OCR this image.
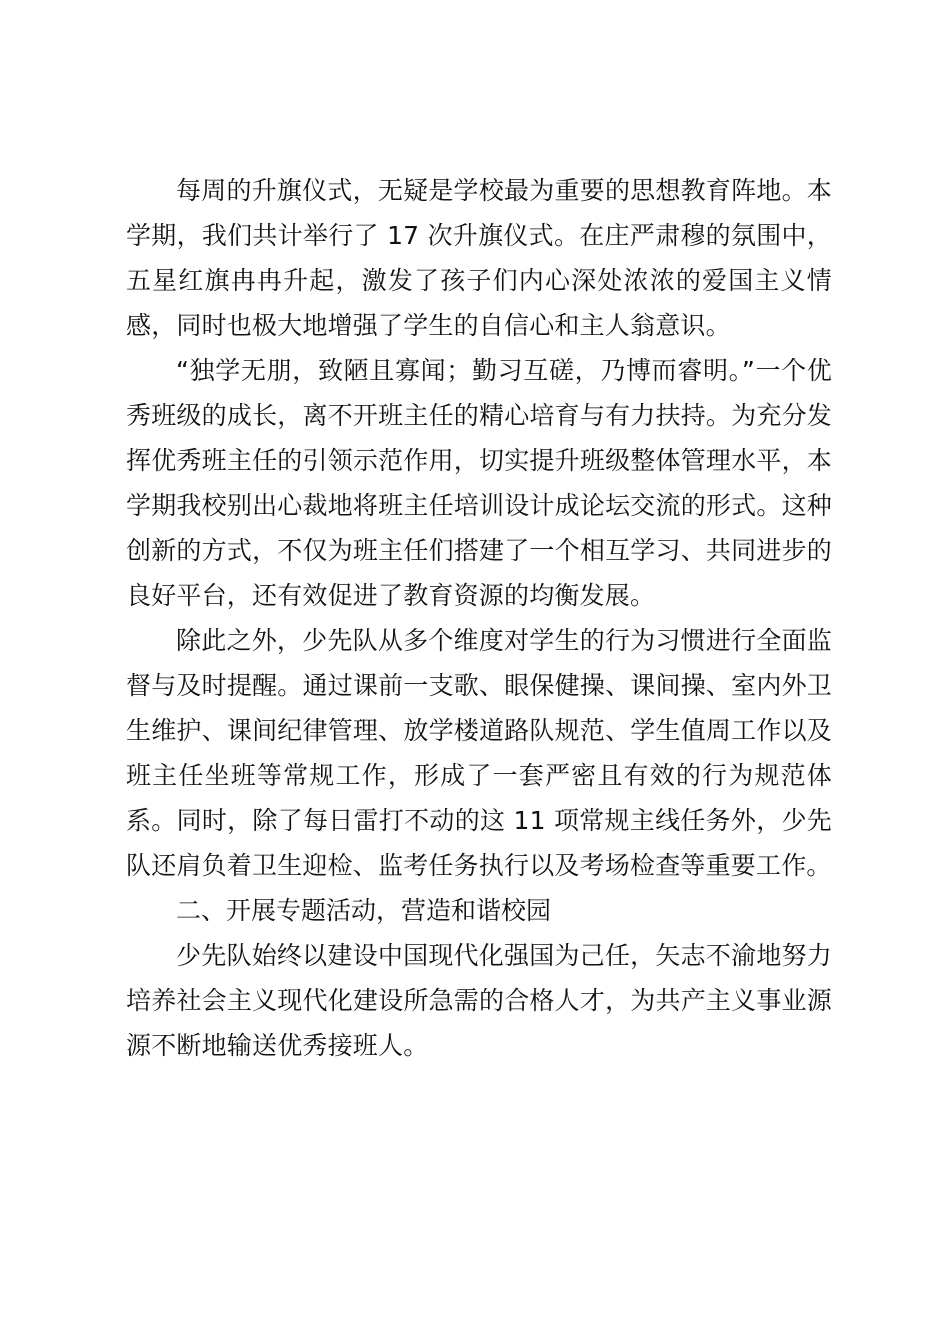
每周的升旗仪式，无疑是学校最为重要的思想教育阵地。本学期，我们共计举行了 17 次升旗仪式。在庄严肃穆的氛围中，五星红旗冉冉升起，激发了孩子们内心深处浓浓的爱国主义情感，同时也极大地增强了学生的自信心和主人翁意识。

“独学无朋，致陋且寡闻；勤习互磋，乃博而睿明。”一个优秀班级的成长，离不开班主任的精心培育与有力扶持。为充分发挥优秀班主任的引领示范作用，切实提升班级整体管理水平，本学期我校别出心裁地将班主任培训设计成论坛交流的形式。这种创新的方式，不仅为班主任们搭建了一个相互学习、共同进步的良好平台，还有效促进了教育资源的均衡发展。

除此之外，少先队从多个维度对学生的行为习惯进行全面监督与及时提醒。通过课前一支歌、眼保健操、课间操、室内外卫生维护、课间纪律管理、放学楼道路队规范、学生值周工作以及班主任坐班等常规工作，形成了一套严密且有效的行为规范体系。同时，除了每日雷打不动的这 11 项常规主线任务外，少先队还肩负着卫生迎检、监考任务执行以及考场检查等重要工作。

二、开展专题活动，营造和谐校园

少先队始终以建设中国现代化强国为己任，矢志不渝地努力培养社会主义现代化建设所急需的合格人才，为共产主义事业源源不断地输送优秀接班人。
